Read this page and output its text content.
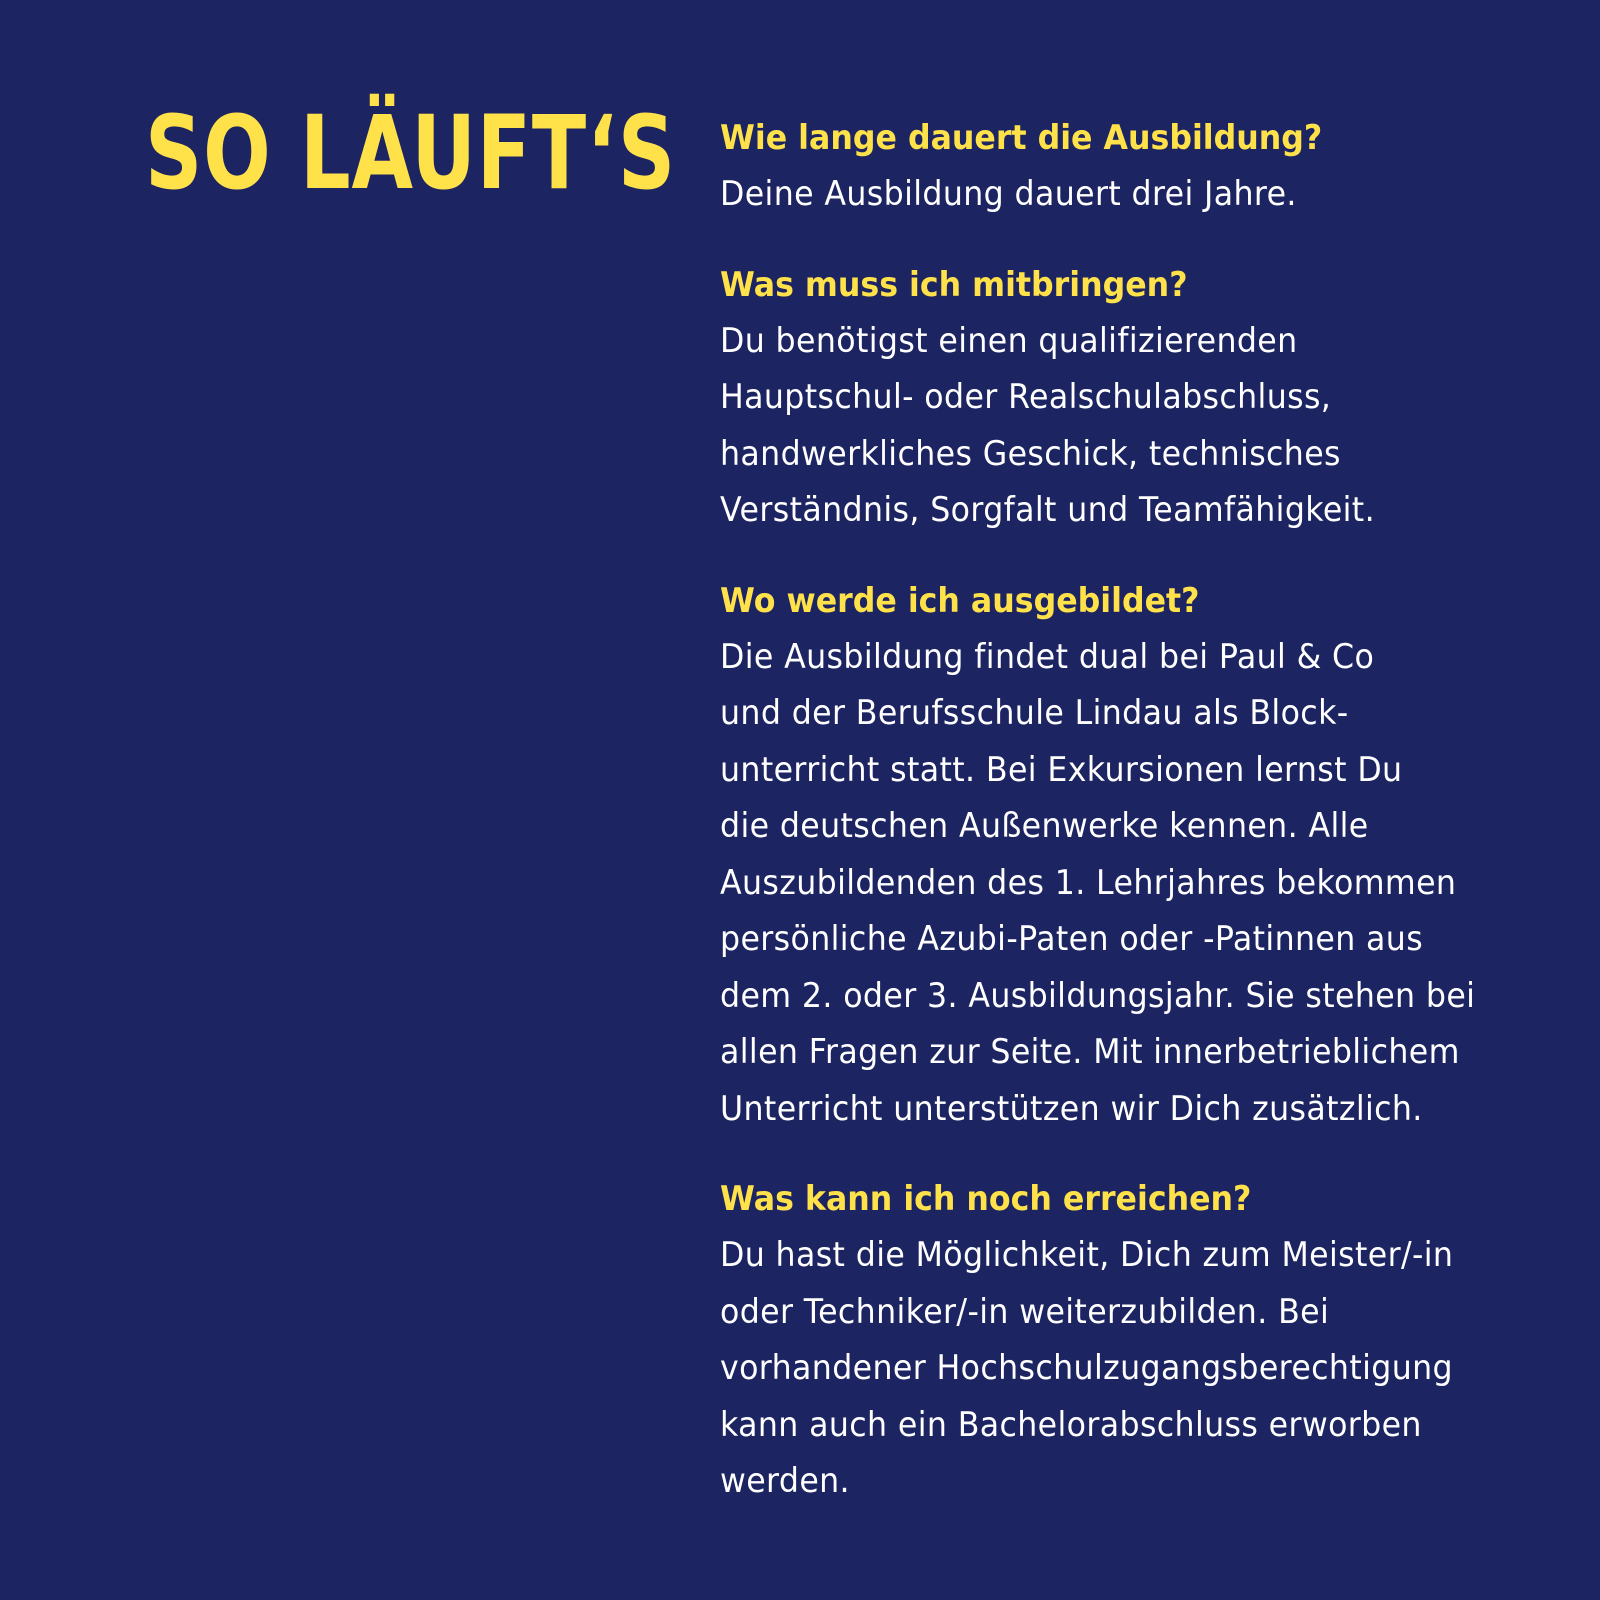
SO LÄUFT‘S Wie lange dauert die Ausbildung?

Deine Ausbildung dauert drei Jahre.

Was muss ich mitbringen?

Du benötigst einen qualifizierenden
Hauptschul- oder Realschulabschluss,
handwerkliches Geschick, technisches
Verständnis, Sorgfalt und Teamfähigkeit.

Wo werde ich ausgebildet?

Die Ausbildung findet dual bei Paul & Co
und der Berufsschule Lindau als Block-
unterricht statt. Bei Exkursionen lernst Du
die deutschen Außenwerke kennen. Alle
Auszubildenden des 1. Lehrjahres bekommen
persönliche Azubi-Paten oder -Patinnen aus
dem 2. oder 3. Ausbildungsjahr. Sie stehen bei
allen Fragen zur Seite. Mit innerbetrieblichem
Unterricht unterstützen wir Dich zusätzlich.

Was kann ich noch erreichen?

Du hast die Möglichkeit, Dich zum Meister/-in
oder Techniker/-in weiterzubilden. Bei
vorhandener Hochschulzugangsberechtigung
kann auch ein Bachelorabschluss erworben
werden.
